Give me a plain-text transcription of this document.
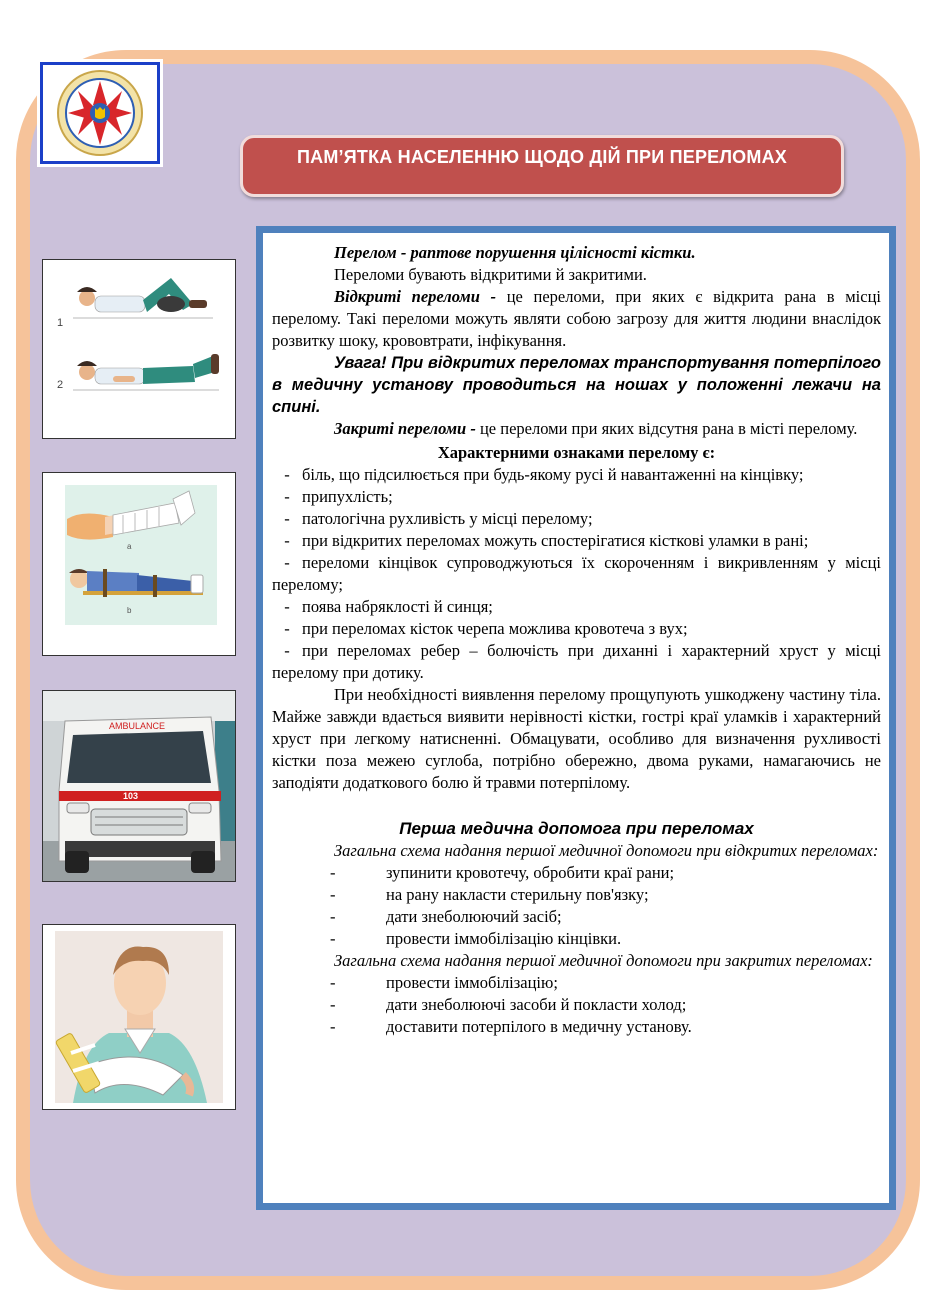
ПАМ’ЯТКА НАСЕЛЕННЮ ЩОДО ДІЙ ПРИ ПЕРЕЛОМАХ
1
2
a
b
AMBULANCE
103

Перелом - раптове порушення цілісності кістки.

Переломи бувають відкритими й закритими.

Відкриті переломи - це переломи, при яких є відкрита рана в місці перелому. Такі переломи можуть являти собою загрозу для життя людини внаслідок розвитку шоку, крововтрати, інфікування.

Увага! При відкритих переломах транспортування потерпілого в медичну установу проводиться на ношах у положенні лежачи на спині.

Закриті переломи - це переломи при яких відсутня рана в місті перелому.

Характерними ознаками перелому є:

- біль, що підсилюється при будь-якому русі й навантаженні на кінцівку;

- припухлість;

- патологічна рухливість у місці перелому;

- при відкритих переломах можуть спостерігатися кісткові уламки в рані;

- переломи кінцівок супроводжуються їх скороченням і викривленням у місці перелому;

- поява набряклості й синця;

- при переломах кісток черепа можлива кровотеча з вух;

- при переломах ребер – болючість при диханні і характерний хруст у місці перелому при дотику.

При необхідності виявлення перелому прощупують ушкоджену частину тіла. Майже завжди вдається виявити нерівності кістки, гострі краї уламків і характерний хруст при легкому натисненні. Обмацувати, особливо для визначення рухливості кістки поза межею суглоба, потрібно обережно, двома руками, намагаючись не заподіяти додаткового болю й травми потерпілому.

Перша медична допомога при переломах

Загальна схема надання першої медичної допомоги при відкритих переломах:

-	зупинити кровотечу, обробити краї рани;
-	на рану накласти стерильну пов'язку;
-	дати знеболюючий засіб;
-	провести іммобілізацію кінцівки.

Загальна схема надання першої медичної допомоги при закритих переломах:

-	провести іммобілізацію;
-	дати знеболюючі засоби й покласти холод;
-	доставити потерпілого в медичну установу.
